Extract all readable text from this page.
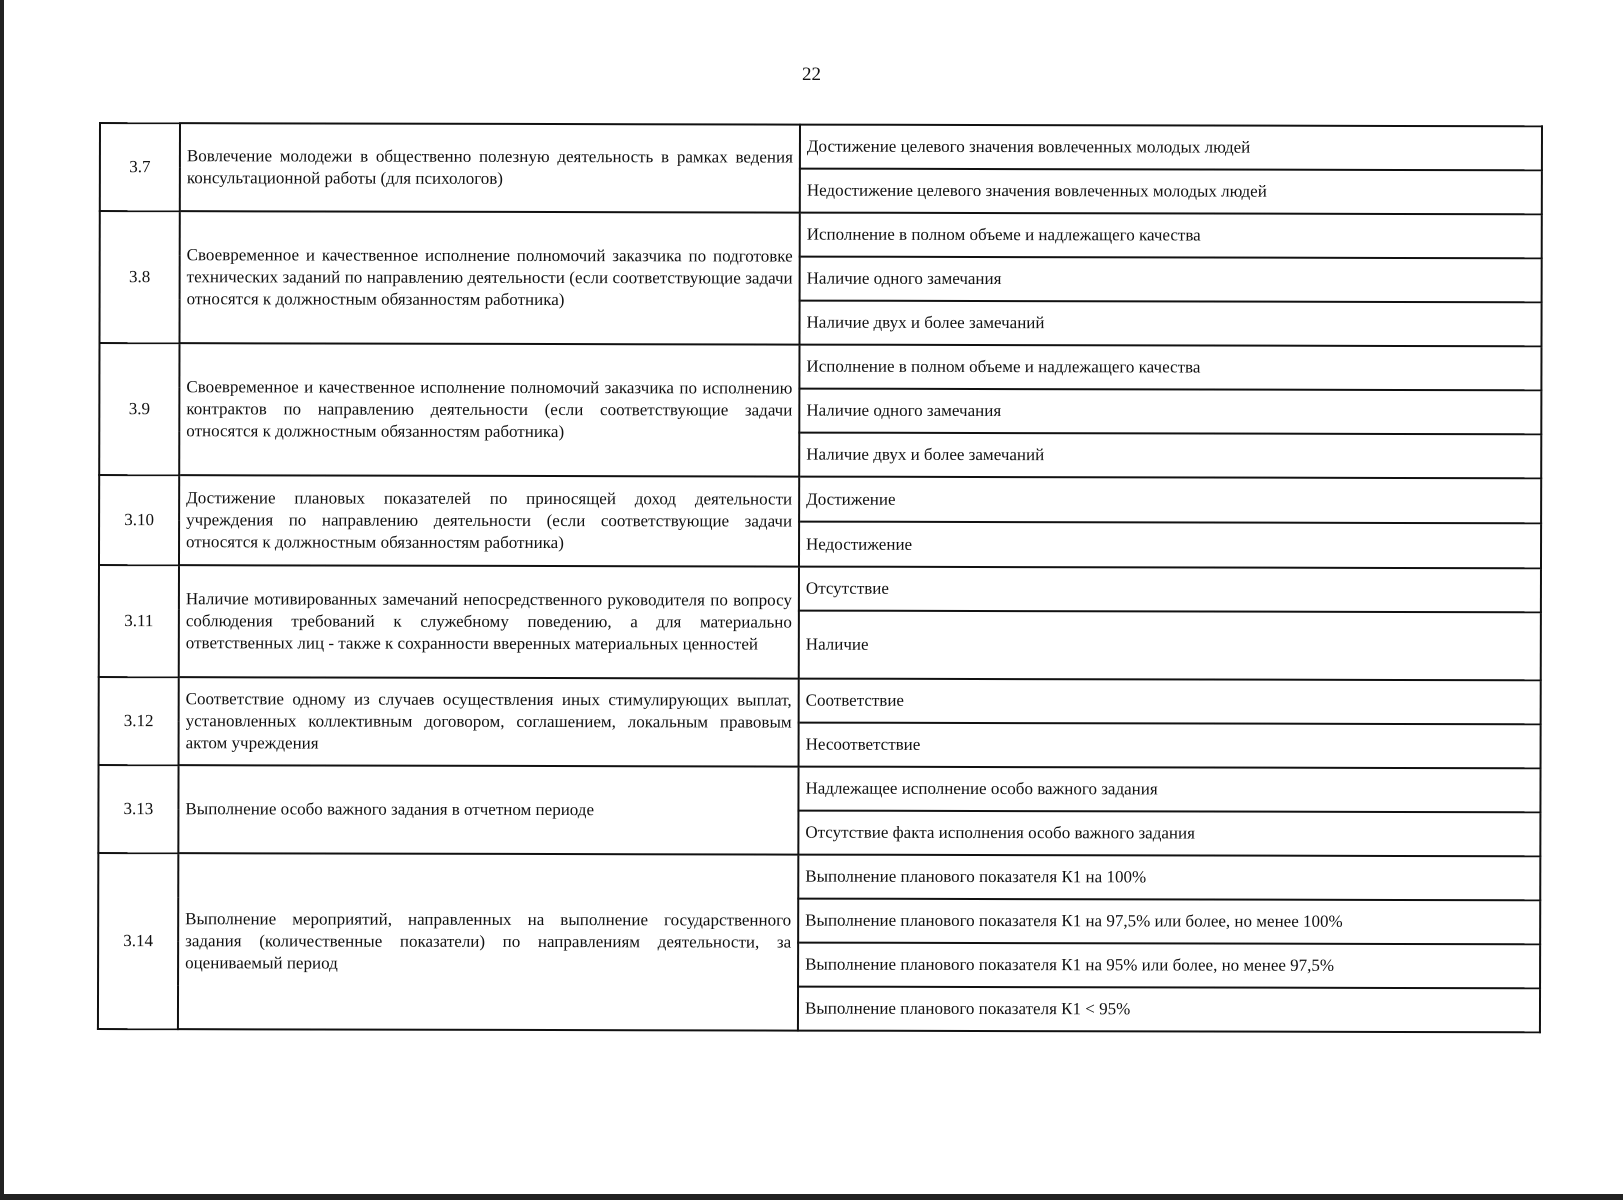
22
3.7	Вовлечение молодежи в общественно полезную деятельность в рамках ведения консультационной работы (для психологов)	Достижение целевого значения вовлеченных молодых людей
		Недостижение целевого значения вовлеченных молодых людей
3.8	Своевременное и качественное исполнение полномочий заказчика по подготовке технических заданий по направлению деятельности (если соответствующие задачи относятся к должностным обязанностям работника)	Исполнение в полном объеме и надлежащего качества
		Наличие одного замечания
		Наличие двух и более замечаний
3.9	Своевременное и качественное исполнение полномочий заказчика по исполнению контрактов по направлению деятельности (если соответствующие задачи относятся к должностным обязанностям работника)	Исполнение в полном объеме и надлежащего качества
		Наличие одного замечания
		Наличие двух и более замечаний
3.10	Достижение плановых показателей по приносящей доход деятельности учреждения по направлению деятельности (если соответствующие задачи относятся к должностным обязанностям работника)	Достижение
		Недостижение
3.11	Наличие мотивированных замечаний непосредственного руководителя по вопросу соблюдения требований к служебному поведению, а для материально ответственных лиц - также к сохранности вверенных материальных ценностей	Отсутствие
		Наличие
3.12	Соответствие одному из случаев осуществления иных стимулирующих выплат, установленных коллективным договором, соглашением, локальным правовым актом учреждения	Соответствие
		Несоответствие
3.13	Выполнение особо важного задания в отчетном периоде	Надлежащее исполнение особо важного задания
		Отсутствие факта исполнения особо важного задания
3.14	Выполнение мероприятий, направленных на выполнение государственного задания (количественные показатели) по направлениям деятельности, за оцениваемый период	Выполнение планового показателя К1 на 100%
		Выполнение планового показателя К1 на 97,5% или более, но менее 100%
		Выполнение планового показателя К1 на 95% или более, но менее 97,5%
		Выполнение планового показателя К1 < 95%
